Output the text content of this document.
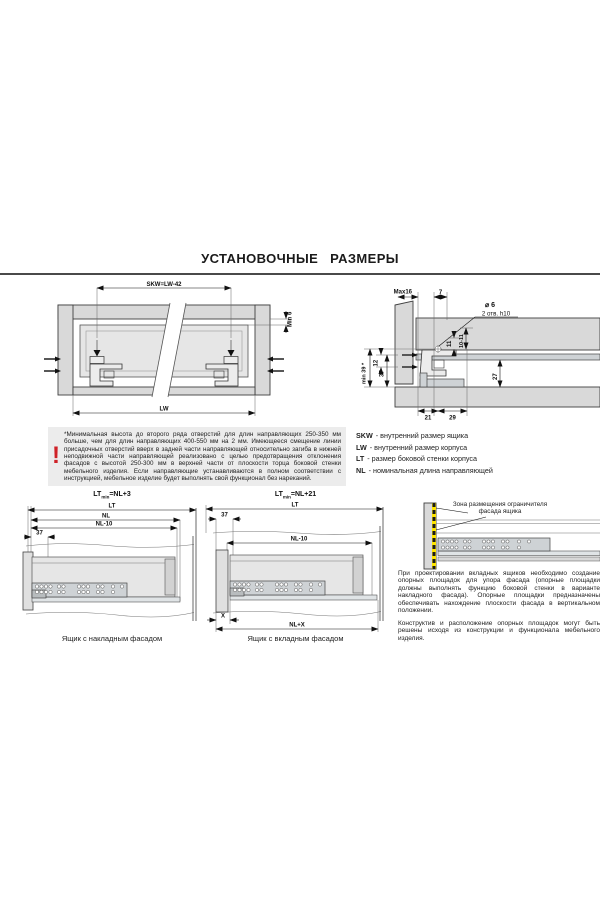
УСТАНОВОЧНЫЕ РАЗМЕРЫ
SKW=LW-42
LW
Min 6
Max16	7
⌀ 6
2 отв. h10
12
37
min 39 *
11 10-11
27
21	29
!
*Минимальная высота до второго ряда отверстий для длин направляющих 250-350 мм больше, чем для длин направляющих 400-550 мм на 2 мм. Имеющееся смещение линии присадочных отверстий вверх в задней части направляющей относительно загиба в нижней неподвижной части направляющей реализовано с целью предотвращения отклонения фасадов с высотой 250-300 мм в верхней части от плоскости торца боковой стенки мебельного изделия. Если направляющие устанавливаются в полном соответствии с инструкцией, мебельное изделие будет выполнять свой функционал без нареканий.
SKW - внутренний размер ящика
LW - внутренний размер корпуса
LT - размер боковой стенки корпуса
NL - номинальная длина направляющей
$LT_{min}=NL+3$	$LT_{min}=NL+21$
LT
NL
NL-10
37
LT
37
NL-10
X
NL+X
Ящик с накладным фасадом	Ящик с вкладным фасадом
Зона размещения ограничителя фасада ящика
При проектировании вкладных ящиков необходимо создание опорных площадок для упора фасада (опорные площадки должны выполнять функцию боковой стенки в варианте накладного фасада). Опорные площадки предназначены обеспечивать нахождение плоскости фасада в вертикальном положении.
Конструктив и расположение опорных площадок могут быть решены исходя из конструкции и функционала мебельного изделия.
